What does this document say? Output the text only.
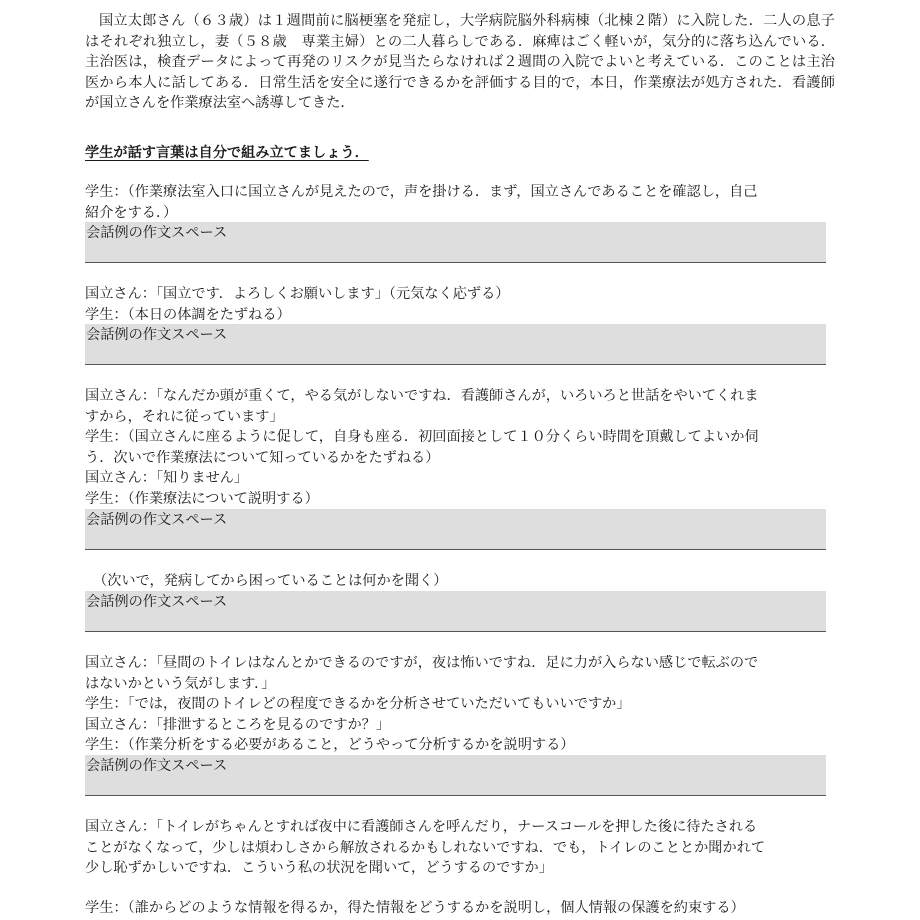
国立太郎さん（６３歳）は１週間前に脳梗塞を発症し，大学病院脳外科病棟（北棟２階）に入院した．二人の息子はそれぞれ独立し，妻（５８歳　専業主婦）との二人暮らしである．麻痺はごく軽いが，気分的に落ち込んでいる．主治医は，検査データによって再発のリスクが見当たらなければ２週間の入院でよいと考えている．このことは主治医から本人に話してある．日常生活を安全に遂行できるかを評価する目的で，本日，作業療法が処方された．看護師が国立さんを作業療法室へ誘導してきた．

学生が話す言葉は自分で組み立てましょう．
学生：（作業療法室入口に国立さんが見えたので，声を掛ける．まず，国立さんであることを確認し，自己
紹介をする．）
会話例の作文スペース
国立さん：「国立です．よろしくお願いします」（元気なく応ずる）
学生：（本日の体調をたずねる）
会話例の作文スペース
国立さん：「なんだか頭が重くて，やる気がしないですね．看護師さんが，いろいろと世話をやいてくれま
すから，それに従っています」
学生：（国立さんに座るように促して，自身も座る．初回面接として１０分くらい時間を頂戴してよいか伺
う．次いで作業療法について知っているかをたずねる）
国立さん：「知りません」
学生：（作業療法について説明する）
会話例の作文スペース
（次いで，発病してから困っていることは何かを聞く）
会話例の作文スペース
国立さん：「昼間のトイレはなんとかできるのですが，夜は怖いですね．足に力が入らない感じで転ぶので
はないかという気がします．」
学生：「では，夜間のトイレどの程度できるかを分析させていただいてもいいですか」
国立さん：「排泄するところを見るのですか？」
学生：（作業分析をする必要があること，どうやって分析するかを説明する）
会話例の作文スペース
国立さん：「トイレがちゃんとすれば夜中に看護師さんを呼んだり，ナースコールを押した後に待たされる
ことがなくなって，少しは煩わしさから解放されるかもしれないですね．でも，トイレのこととか聞かれて
少し恥ずかしいですね．こういう私の状況を聞いて，どうするのですか」
学生：（誰からどのような情報を得るか，得た情報をどうするかを説明し，個人情報の保護を約束する）
